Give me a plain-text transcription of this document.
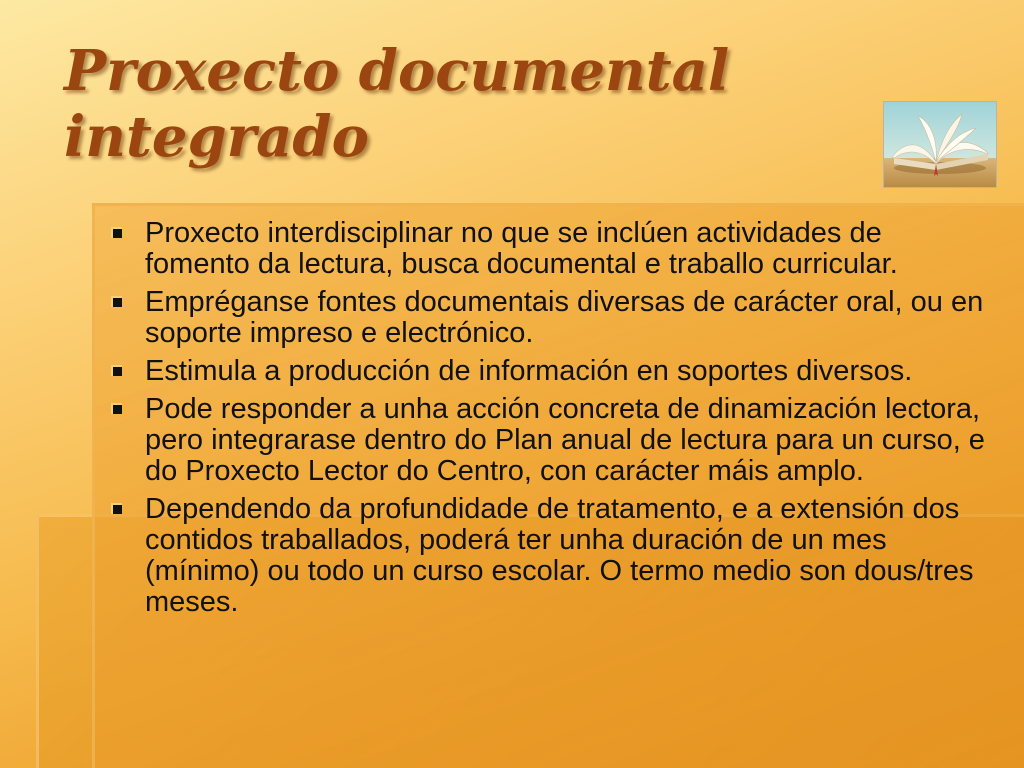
Proxecto documental
integrado
Proxecto interdisciplinar no que se inclúen actividades de fomento da lectura, busca documental e traballo curricular.
Empréganse fontes documentais diversas de carácter oral, ou en soporte impreso e electrónico.
Estimula a producción de información en soportes diversos.
Pode responder a unha acción concreta de dinamización lectora, pero integrarase dentro do Plan anual de lectura para un curso, e do Proxecto Lector do Centro, con carácter máis amplo.
Dependendo da profundidade de tratamento, e a extensión dos contidos traballados, poderá ter unha duración de un mes (mínimo) ou todo un curso escolar. O termo medio son dous/tres meses.
